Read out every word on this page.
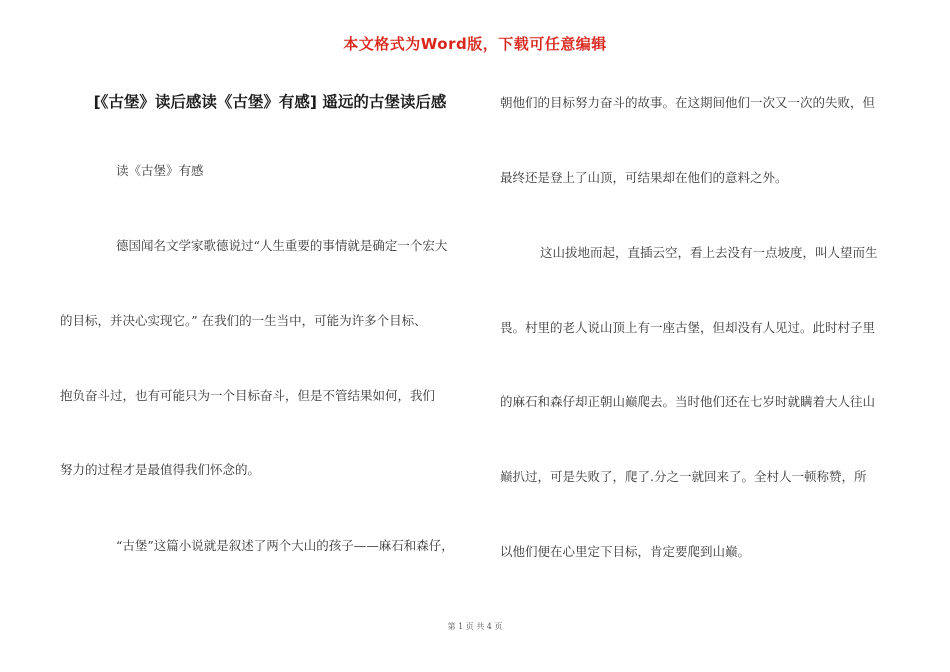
本文格式为Word版，下载可任意编辑
[《古堡》读后感读《古堡》有感] 遥远的古堡读后感
读《古堡》有感
德国闻名文学家歌德说过“人生重要的事情就是确定一个宏大
的目标，并决心实现它。” 在我们的一生当中，可能为许多个目标、
抱负奋斗过，也有可能只为一个目标奋斗，但是不管结果如何，我们
努力的过程才是最值得我们怀念的。
“古堡”这篇小说就是叙述了两个大山的孩子——麻石和森仔，
朝他们的目标努力奋斗的故事。在这期间他们一次又一次的失败，但
最终还是登上了山顶，可结果却在他们的意料之外。
这山拔地而起，直插云空，看上去没有一点坡度，叫人望而生
畏。村里的老人说山顶上有一座古堡，但却没有人见过。此时村子里
的麻石和森仔却正朝山巅爬去。当时他们还在七岁时就瞒着大人往山
巅扒过，可是失败了，爬了.分之一就回来了。全村人一顿称赞，所
以他们便在心里定下目标，肯定要爬到山巅。
第 1 页 共 4 页
